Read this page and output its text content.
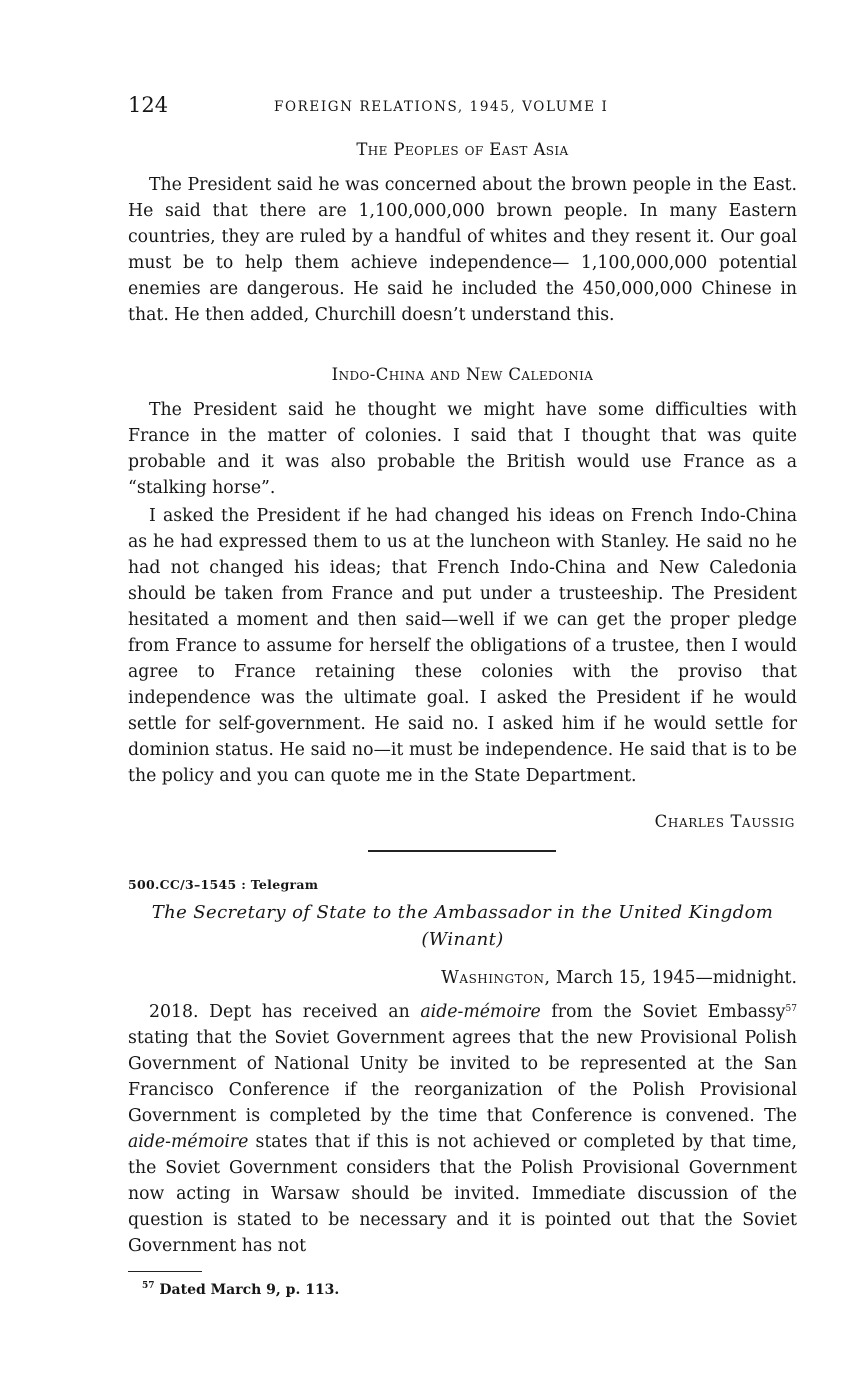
124	FOREIGN RELATIONS, 1945, VOLUME I
The Peoples of East Asia

The President said he was concerned about the brown people in the East. He said that there are 1,100,000,000 brown people. In many Eastern countries, they are ruled by a handful of whites and they resent it. Our goal must be to help them achieve independence— 1,100,000,000 potential enemies are dangerous. He said he included the 450,000,000 Chinese in that. He then added, Churchill doesn’t understand this.

Indo-China and New Caledonia

The President said he thought we might have some difficulties with France in the matter of colonies. I said that I thought that was quite probable and it was also probable the British would use France as a “stalking horse”.

I asked the President if he had changed his ideas on French Indo-China as he had expressed them to us at the luncheon with Stanley. He said no he had not changed his ideas; that French Indo-China and New Caledonia should be taken from France and put under a trusteeship. The President hesitated a moment and then said—well if we can get the proper pledge from France to assume for herself the obligations of a trustee, then I would agree to France retaining these colonies with the proviso that independence was the ultimate goal. I asked the President if he would settle for self-government. He said no. I asked him if he would settle for dominion status. He said no—it must be independence. He said that is to be the policy and you can quote me in the State Department.

Charles Taussig
500.CC/3–1545 : Telegram
The Secretary of State to the Ambassador in the United Kingdom
(Winant)
Washington, March 15, 1945—midnight.

2018. Dept has received an aide-mémoire from the Soviet Embassy$^{57}$ stating that the Soviet Government agrees that the new Provisional Polish Government of National Unity be invited to be represented at the San Francisco Conference if the reorganization of the Polish Provisional Government is completed by the time that Conference is convened. The aide-mémoire states that if this is not achieved or completed by that time, the Soviet Government considers that the Polish Provisional Government now acting in Warsaw should be invited. Immediate discussion of the question is stated to be necessary and it is pointed out that the Soviet Government has not

$^{57}$ Dated March 9, p. 113.
